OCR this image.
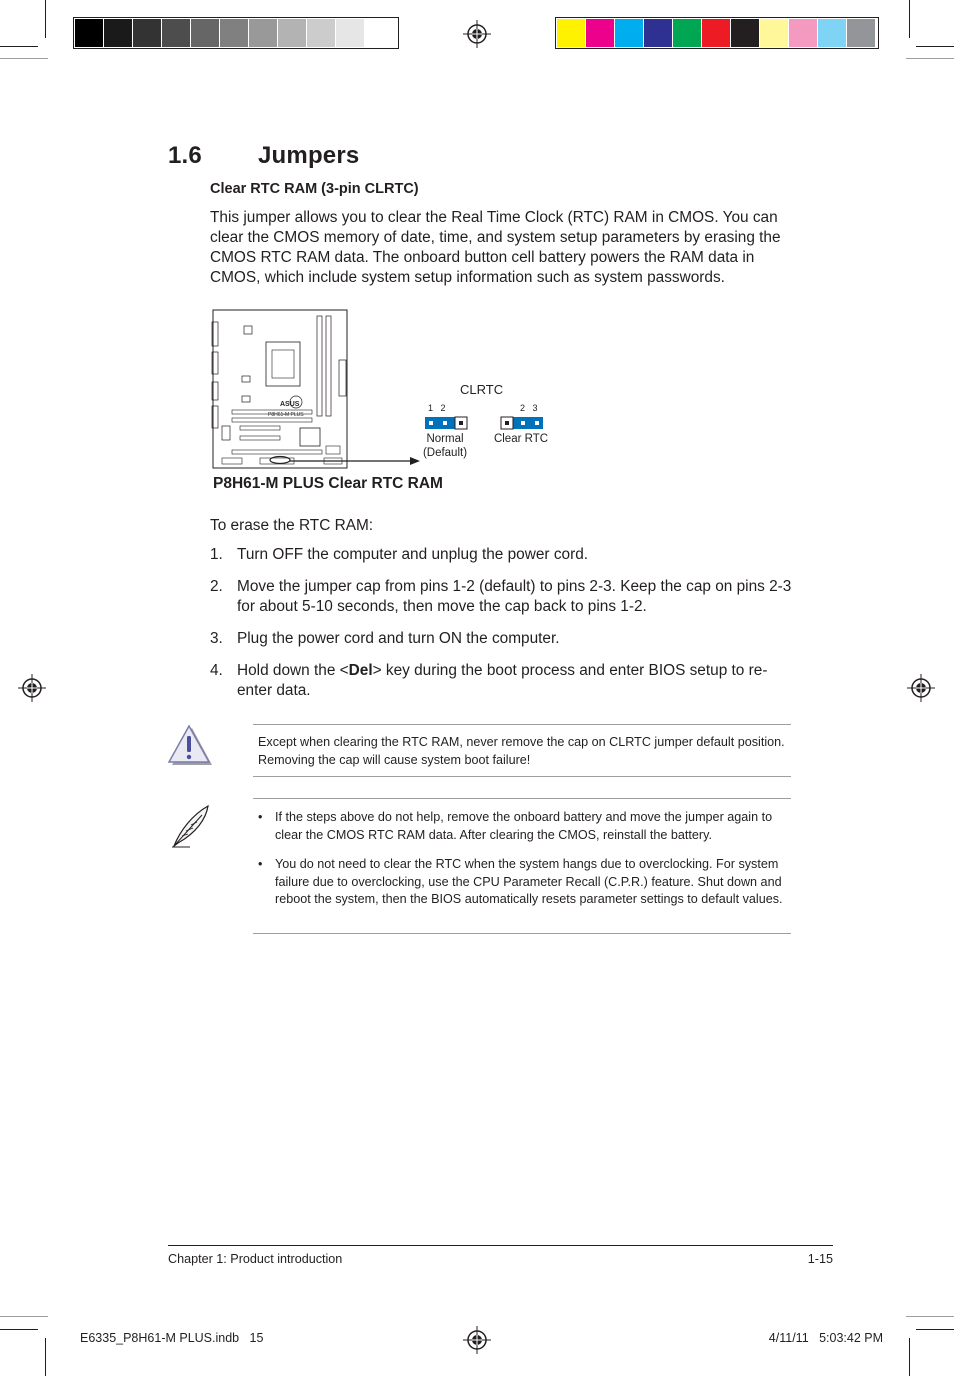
1.6 Jumpers
Clear RTC RAM (3-pin CLRTC)
This jumper allows you to clear the Real Time Clock (RTC) RAM in CMOS. You can clear the CMOS memory of date, time, and system setup parameters by erasing the CMOS RTC RAM data. The onboard button cell battery powers the RAM data in CMOS, which include system setup information such as system passwords.
ASUS
P8H61-M PLUS
CLRTC
1   2	2   3
Normal
(Default)
Clear RTC
P8H61-M PLUS Clear RTC RAM
To erase the RTC RAM:
1. Turn OFF the computer and unplug the power cord.
2. Move the jumper cap from pins 1-2 (default) to pins 2-3. Keep the cap on pins 2-3 for about 5-10 seconds, then move the cap back to pins 1-2.
3. Plug the power cord and turn ON the computer.
4. Hold down the <Del> key during the boot process and enter BIOS setup to re-enter data.
Except when clearing the RTC RAM, never remove the cap on CLRTC jumper default position. Removing the cap will cause system boot failure!
• If the steps above do not help, remove the onboard battery and move the jumper again to clear the CMOS RTC RAM data. After clearing the CMOS, reinstall the battery.
• You do not need to clear the RTC when the system hangs due to overclocking. For system failure due to overclocking, use the CPU Parameter Recall (C.P.R.) feature. Shut down and reboot the system, then the BIOS automatically resets parameter settings to default values.
Chapter 1: Product introduction	1-15
E6335_P8H61-M PLUS.indb   15	4/11/11   5:03:42 PM
